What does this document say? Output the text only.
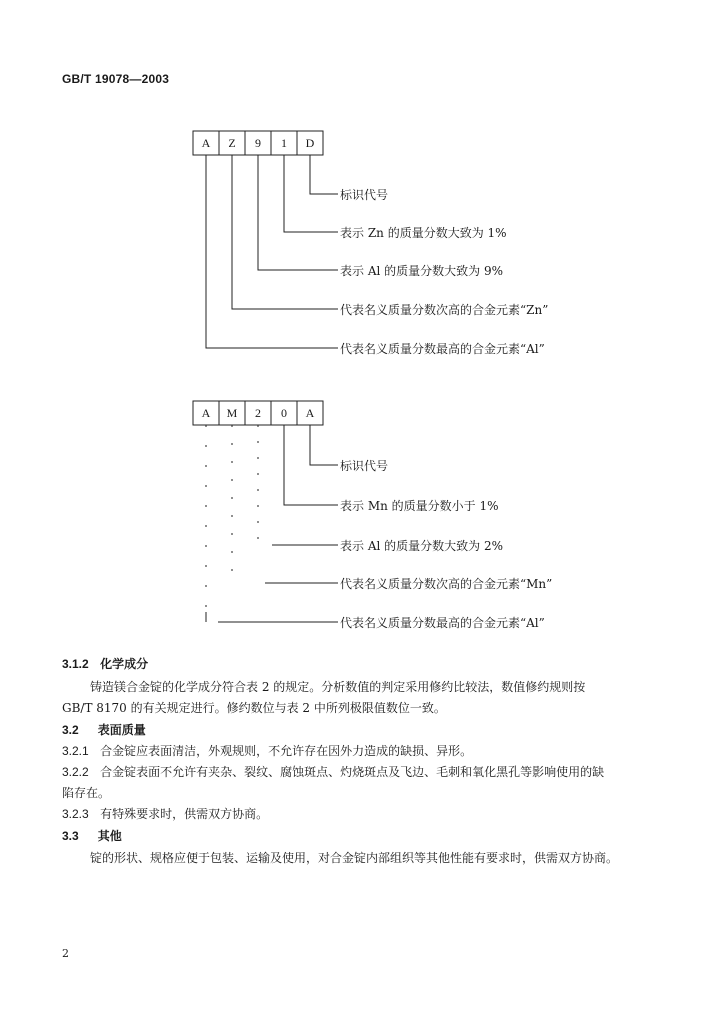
GB/T 19078—2003
A	Z	9	1	D
标识代号
表示 Zn 的质量分数大致为 1%
表示 Al 的质量分数大致为 9%
代表名义质量分数次高的合金元素“Zn”
代表名义质量分数最高的合金元素“Al”
A	M	2	0	A
标识代号
表示 Mn 的质量分数小于 1%
表示 Al 的质量分数大致为 2%
代表名义质量分数次高的合金元素“Mn”
代表名义质量分数最高的合金元素“Al”
3.1.2 化学成分
铸造镁合金锭的化学成分符合表 2 的规定。分析数值的判定采用修约比较法，数值修约规则按
GB/T 8170 的有关规定进行。修约数位与表 2 中所列极限值数位一致。
3.2 表面质量
3.2.1 合金锭应表面清洁，外观规则，不允许存在因外力造成的缺损、异形。
3.2.2 合金锭表面不允许有夹杂、裂纹、腐蚀斑点、灼烧斑点及飞边、毛刺和氧化黑孔等影响使用的缺
陷存在。
3.2.3 有特殊要求时，供需双方协商。
3.3 其他
锭的形状、规格应便于包装、运输及使用，对合金锭内部组织等其他性能有要求时，供需双方协商。
2
